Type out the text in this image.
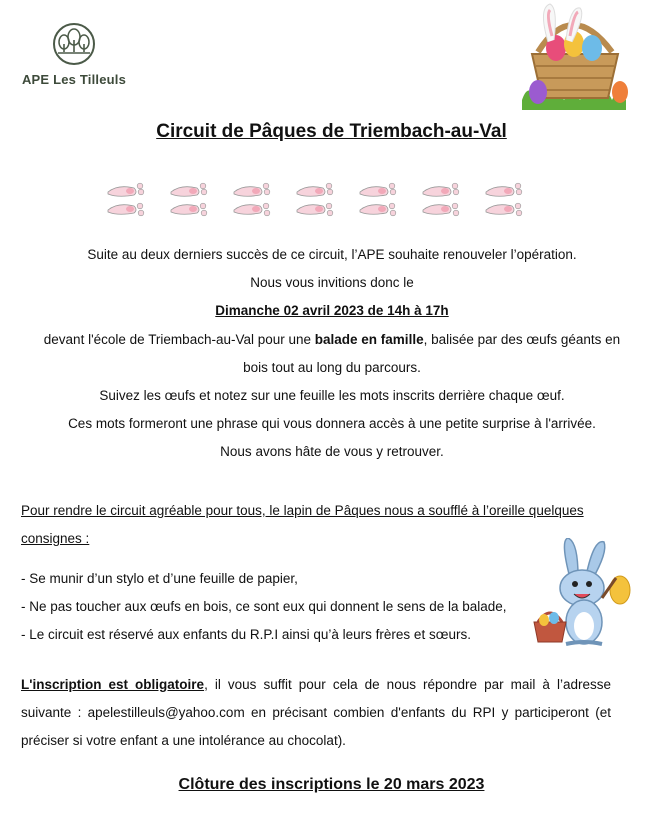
APE Les Tilleuls
Circuit de Pâques de Triembach-au-Val
Suite au deux derniers succès de ce circuit, l’APE souhaite renouveler l’opération.
Nous vous invitions donc le
Dimanche 02 avril 2023 de 14h à 17h
devant l'école de Triembach-au-Val pour une balade en famille, balisée par des œufs géants en
bois tout au long du parcours.
Suivez les œufs et notez sur une feuille les mots inscrits derrière chaque œuf.
Ces mots formeront une phrase qui vous donnera accès à une petite surprise à l'arrivée.
Nous avons hâte de vous y retrouver.
Pour rendre le circuit agréable pour tous, le lapin de Pâques nous a soufflé à l’oreille quelques consignes :
- Se munir d’un stylo et d’une feuille de papier,
- Ne pas toucher aux œufs en bois, ce sont eux qui donnent le sens de la balade,
- Le circuit est réservé aux enfants du R.P.I ainsi qu’à leurs frères et sœurs.
L'inscription est obligatoire, il vous suffit pour cela de nous répondre par mail à l’adresse suivante : apelestilleuls@yahoo.com en précisant combien d'enfants du RPI y participeront (et préciser si votre enfant a une intolérance au chocolat).
Clôture des inscriptions le 20 mars 2023
